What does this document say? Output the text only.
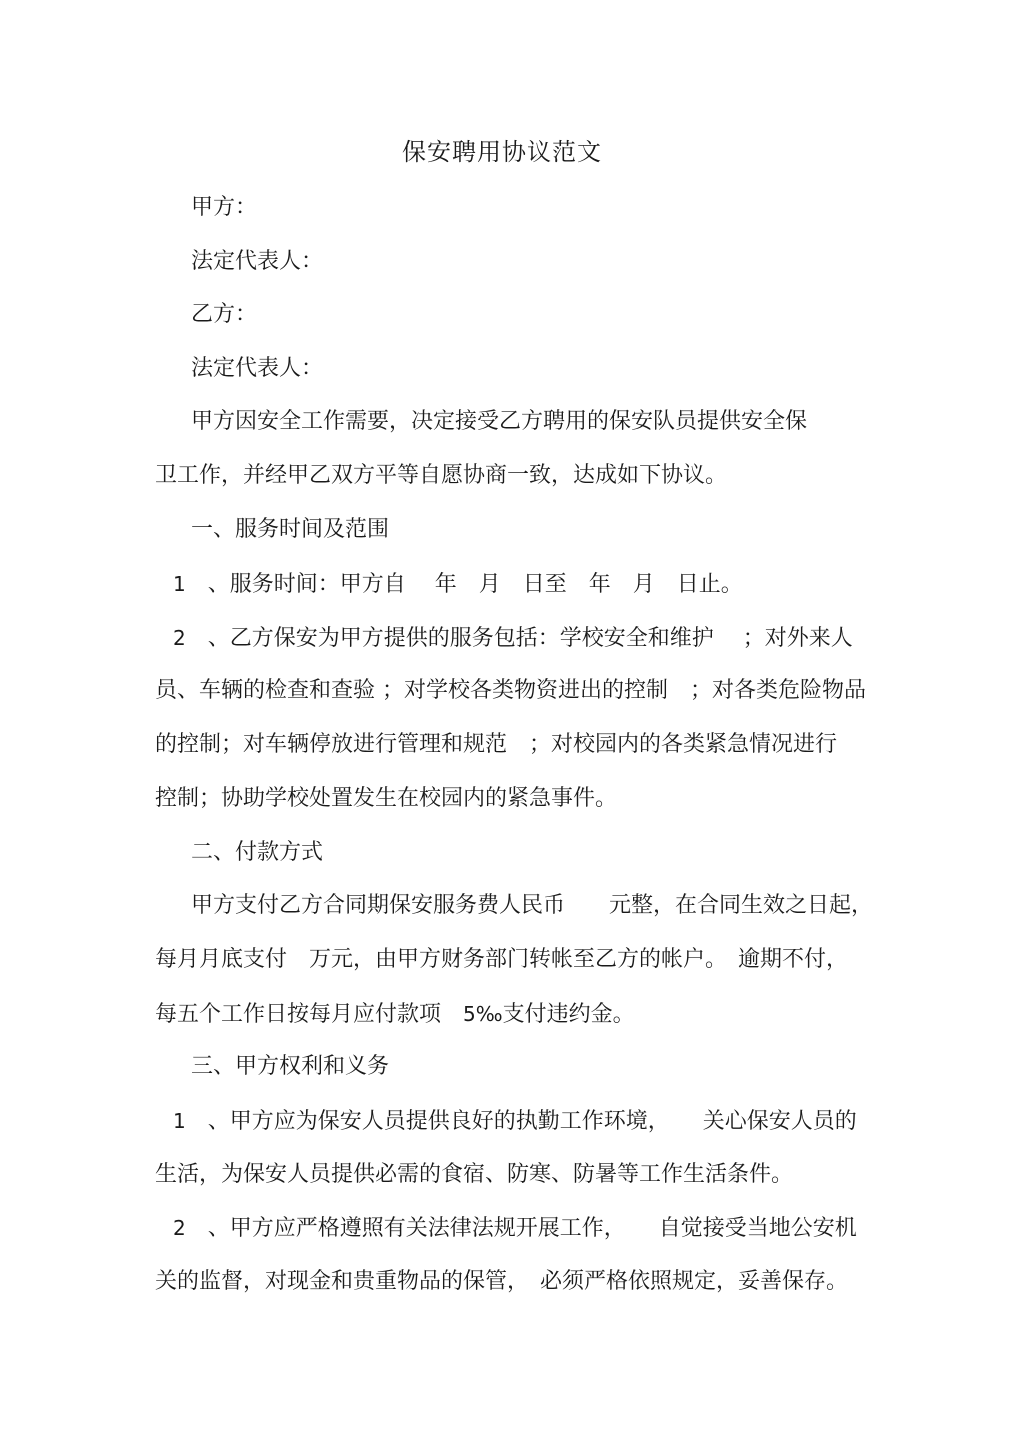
保安聘用协议范文
甲方：
法定代表人：
乙方：
法定代表人：
甲方因安全工作需要，决定接受乙方聘用的保安队员提供安全保
卫工作，并经甲乙双方平等自愿协商一致，达成如下协议。
一、服务时间及范围
1　 、服务时间：甲方自　 年　月　日至　年　月　日止。
2　 、乙方保安为甲方提供的服务包括：学校安全和维护　 ；对外来人
员、车辆的检查和查验 ；对学校各类物资进出的控制　；对各类危险物品
的控制；对车辆停放进行管理和规范　；对校园内的各类紧急情况进行
控制；协助学校处置发生在校园内的紧急事件。
二、付款方式
甲方支付乙方合同期保安服务费人民币　　元整，在合同生效之日起，
每月月底支付　万元，由甲方财务部门转帐至乙方的帐户。　逾期不付，
每五个工作日按每月应付款项　5‰支付违约金。
三、甲方权利和义务
1　 、甲方应为保安人员提供良好的执勤工作环境，　　关心保安人员的
生活，为保安人员提供必需的食宿、防寒、防暑等工作生活条件。
2　 、甲方应严格遵照有关法律法规开展工作，　　自觉接受当地公安机
关的监督，对现金和贵重物品的保管，　必须严格依照规定，妥善保存。
